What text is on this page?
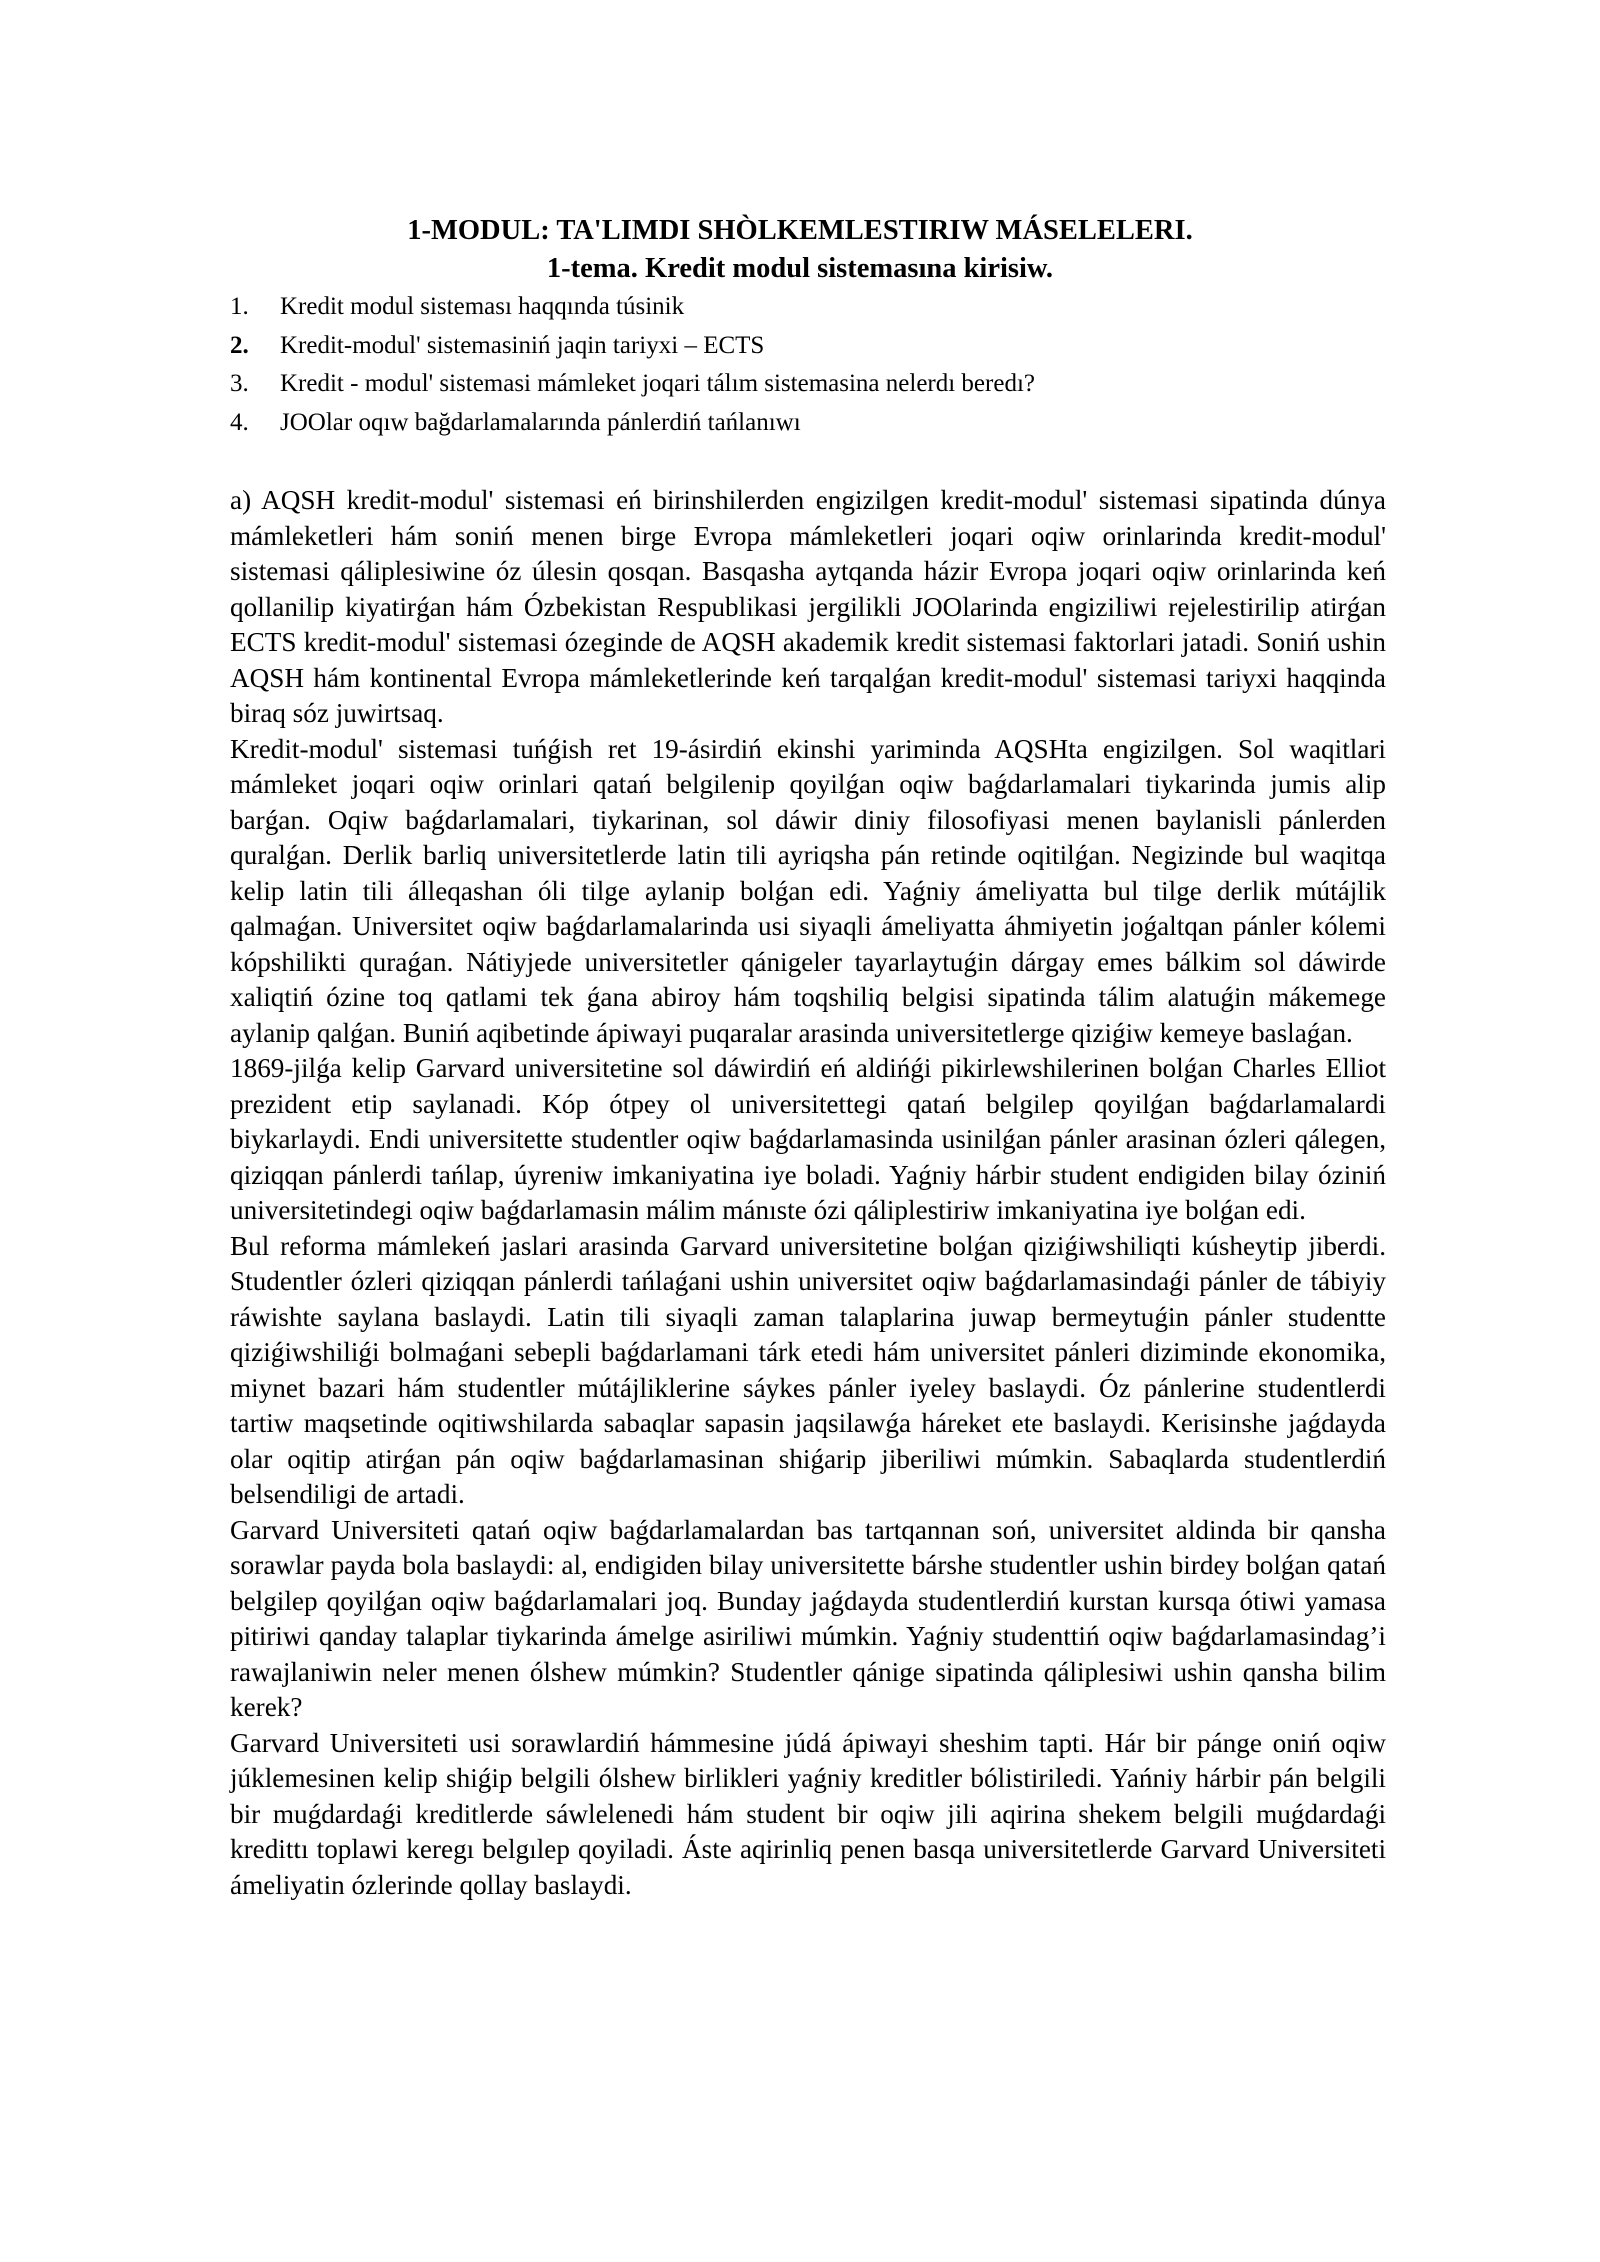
1-MODUL: TA'LIMDI SHÒLKEMLESTIRIW MÁSELELERI.
1-tema. Kredit modul sistemasına kirisiw.
1.	Kredit modul sisteması haqqında túsinik
2.	Kredit-modul' sistemasiniń jaqin tariyxi – ECTS
3.	Kredit - modul' sistemasi mámleket joqari tálım sistemasina nelerdı beredı?
4.	JOOlar oqıw bağdarlamalarında pánlerdiń tańlanıwı

a) AQSH kredit-modul' sistemasi eń birinshilerden engizilgen kredit-modul' sistemasi sipatinda dúnya mámleketleri hám soniń menen birge Evropa mámleketleri joqari oqiw orinlarinda kredit-modul' sistemasi qáliplesiwine óz úlesin qosqan. Basqasha aytqanda házir Evropa joqari oqiw orinlarinda keń qollanilip kiyatirǵan hám Ózbekistan Respublikasi jergilikli JOOlarinda engiziliwi rejelestirilip atirǵan ECTS kredit-modul' sistemasi ózeginde de AQSH akademik kredit sistemasi faktorlari jatadi. Soniń ushin AQSH hám kontinental Evropa mámleketlerinde keń tarqalǵan kredit-modul' sistemasi tariyxi haqqinda biraq sóz juwirtsaq.

Kredit-modul' sistemasi tuńǵish ret 19-ásirdiń ekinshi yariminda AQSHta engizilgen. Sol waqitlari mámleket joqari oqiw orinlari qatań belgilenip qoyilǵan oqiw baǵdarlamalari tiykarinda jumis alip barǵan. Oqiw baǵdarlamalari, tiykarinan, sol dáwir diniy filosofiyasi menen baylanisli pánlerden quralǵan. Derlik barliq universitetlerde latin tili ayriqsha pán retinde oqitilǵan. Negizinde bul waqitqa kelip latin tili álleqashan óli tilge aylanip bolǵan edi. Yaǵniy ámeliyatta bul tilge derlik mútájlik qalmaǵan. Universitet oqiw baǵdarlamalarinda usi siyaqli ámeliyatta áhmiyetin joǵaltqan pánler kólemi kópshilikti quraǵan. Nátiyjede universitetler qánigeler tayarlaytuǵin dárgay emes bálkim sol dáwirde xaliqtiń ózine toq qatlami tek ǵana abiroy hám toqshiliq belgisi sipatinda tálim alatuǵin mákemege aylanip qalǵan. Buniń aqibetinde ápiwayi puqaralar arasinda universitetlerge qiziǵiw kemeye baslaǵan.

1869-jilǵa kelip Garvard universitetine sol dáwirdiń eń aldińǵi pikirlewshilerinen bolǵan Charles Elliot prezident etip saylanadi. Kóp ótpey ol universitettegi qatań belgilep qoyilǵan baǵdarlamalardi biykarlaydi. Endi universitette studentler oqiw baǵdarlamasinda usinilǵan pánler arasinan ózleri qálegen, qiziqqan pánlerdi tańlap, úyreniw imkaniyatina iye boladi. Yaǵniy hárbir student endigiden bilay óziniń universitetindegi oqiw baǵdarlamasin málim mánıste ózi qáliplestiriw imkaniyatina iye bolǵan edi.

Bul reforma mámlekeń jaslari arasinda Garvard universitetine bolǵan qiziǵiwshiliqti kúsheytip jiberdi. Studentler ózleri qiziqqan pánlerdi tańlaǵani ushin universitet oqiw baǵdarlamasindaǵi pánler de tábiyiy ráwishte saylana baslaydi. Latin tili siyaqli zaman talaplarina juwap bermeytuǵin pánler studentte qiziǵiwshiliǵi bolmaǵani sebepli baǵdarlamani tárk etedi hám universitet pánleri diziminde ekonomika, miynet bazari hám studentler mútájliklerine sáykes pánler iyeley baslaydi. Óz pánlerine studentlerdi tartiw maqsetinde oqitiwshilarda sabaqlar sapasin jaqsilawǵa háreket ete baslaydi. Kerisinshe jaǵdayda olar oqitip atirǵan pán oqiw baǵdarlamasinan shiǵarip jiberiliwi múmkin. Sabaqlarda studentlerdiń belsendiligi de artadi.

Garvard Universiteti qatań oqiw baǵdarlamalardan bas tartqannan soń, universitet aldinda bir qansha sorawlar payda bola baslaydi: al, endigiden bilay universitette bárshe studentler ushin birdey bolǵan qatań belgilep qoyilǵan oqiw baǵdarlamalari joq. Bunday jaǵdayda studentlerdiń kurstan kursqa ótiwi yamasa pitiriwi qanday talaplar tiykarinda ámelge asiriliwi múmkin. Yaǵniy studenttiń oqiw baǵdarlamasindag’i rawajlaniwin neler menen ólshew múmkin? Studentler qánige sipatinda qáliplesiwi ushin qansha bilim kerek?

Garvard Universiteti usi sorawlardiń hámmesine júdá ápiwayi sheshim tapti. Hár bir pánge oniń oqiw júklemesinen kelip shiǵip belgili ólshew birlikleri yaǵniy kreditler bólistiriledi. Yańniy hárbir pán belgili bir muǵdardaǵi kreditlerde sáwlelenedi hám student bir oqiw jili aqirina shekem belgili muǵdardaǵi kredittı toplawi keregı belgılep qoyiladi. Áste aqirinliq penen basqa universitetlerde Garvard Universiteti ámeliyatin ózlerinde qollay baslaydi.
